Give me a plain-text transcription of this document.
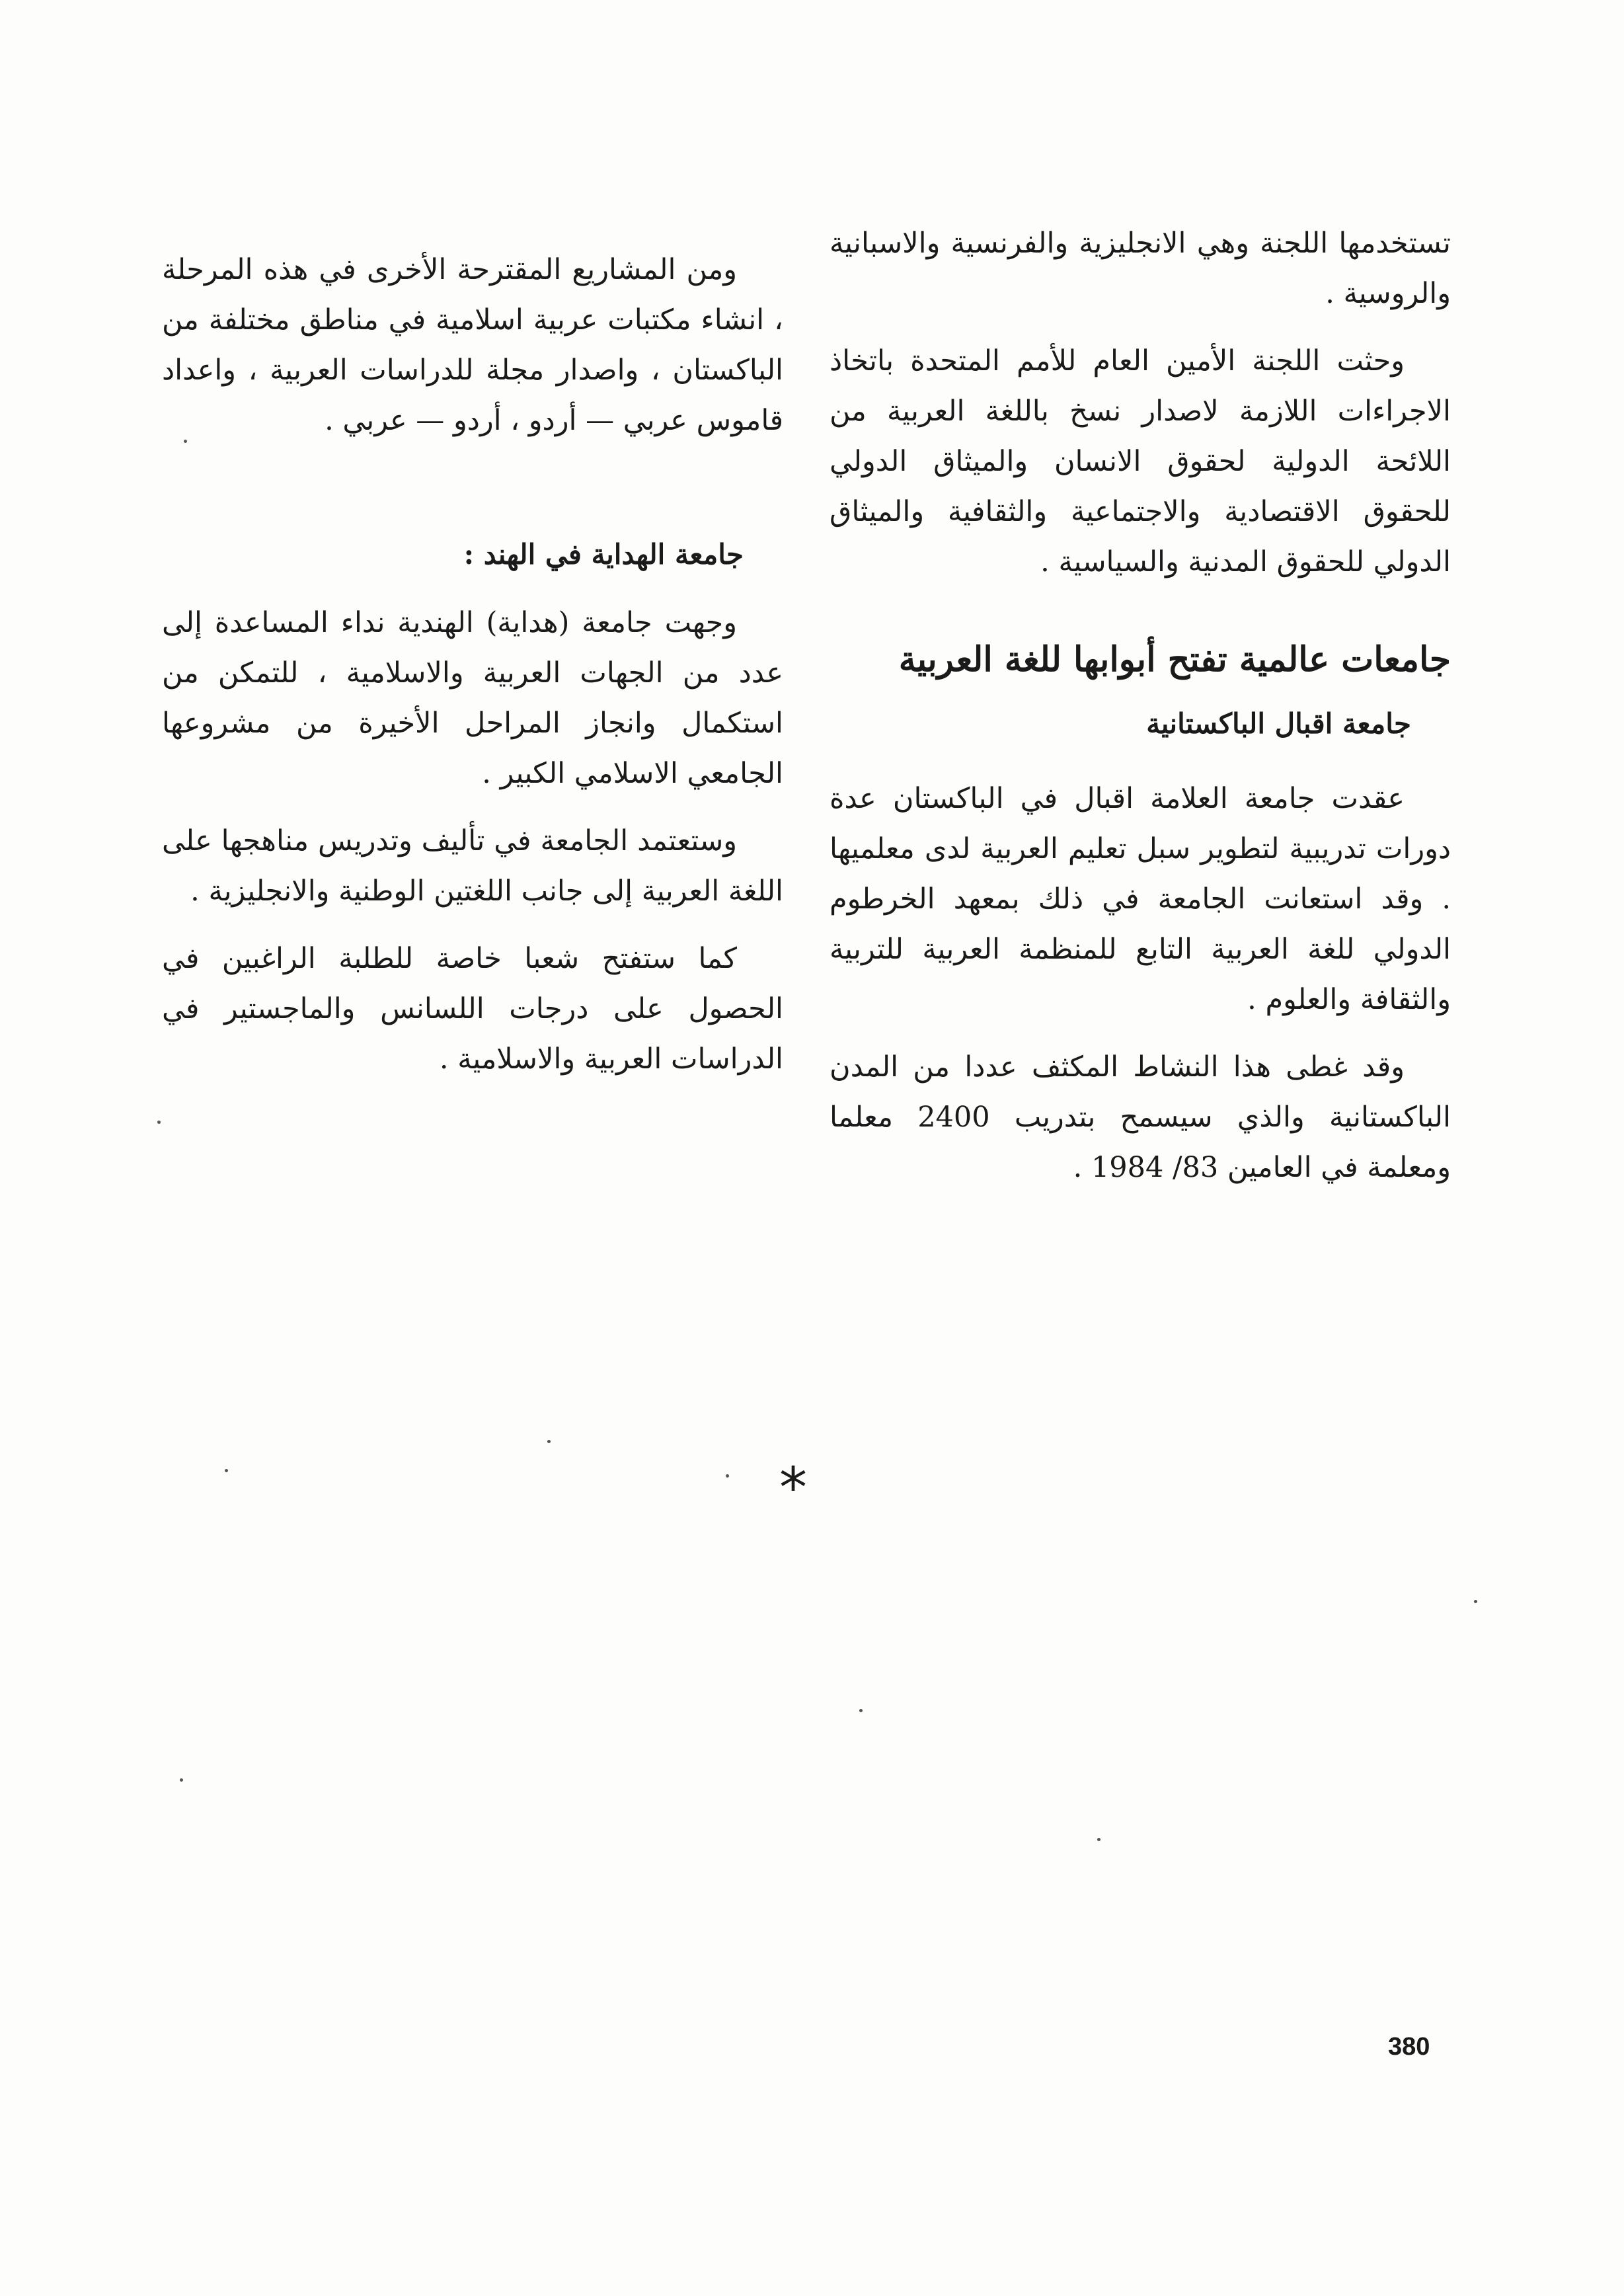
تستخدمها اللجنة وهي الانجليزية والفرنسية والاسبانية والروسية .

وحثت اللجنة الأمين العام للأمم المتحدة باتخاذ الاجراءات اللازمة لاصدار نسخ باللغة العربية من اللائحة الدولية لحقوق الانسان والميثاق الدولي للحقوق الاقتصادية والاجتماعية والثقافية والميثاق الدولي للحقوق المدنية والسياسية .

جامعات عالمية تفتح أبوابها للغة العربية
جامعة اقبال الباكستانية

عقدت جامعة العلامة اقبال في الباكستان عدة دورات تدريبية لتطوير سبل تعليم العربية لدى معلميها . وقد استعانت الجامعة في ذلك بمعهد الخرطوم الدولي للغة العربية التابع للمنظمة العربية للتربية والثقافة والعلوم .

وقد غطى هذا النشاط المكثف عددا من المدن الباكستانية والذي سيسمح بتدريب 2400 معلما ومعلمة في العامين 83/ 1984 .

ومن المشاريع المقترحة الأخرى في هذه المرحلة ، انشاء مكتبات عربية اسلامية في مناطق مختلفة من الباكستان ، واصدار مجلة للدراسات العربية ، واعداد قاموس عربي — أردو ، أردو — عربي .

جامعة الهداية في الهند :

وجهت جامعة (هداية) الهندية نداء المساعدة إلى عدد من الجهات العربية والاسلامية ، للتمكن من استكمال وانجاز المراحل الأخيرة من مشروعها الجامعي الاسلامي الكبير .

وستعتمد الجامعة في تأليف وتدريس مناهجها على اللغة العربية إلى جانب اللغتين الوطنية والانجليزية .

كما ستفتح شعبا خاصة للطلبة الراغبين في الحصول على درجات اللسانس والماجستير في الدراسات العربية والاسلامية .

*
380
